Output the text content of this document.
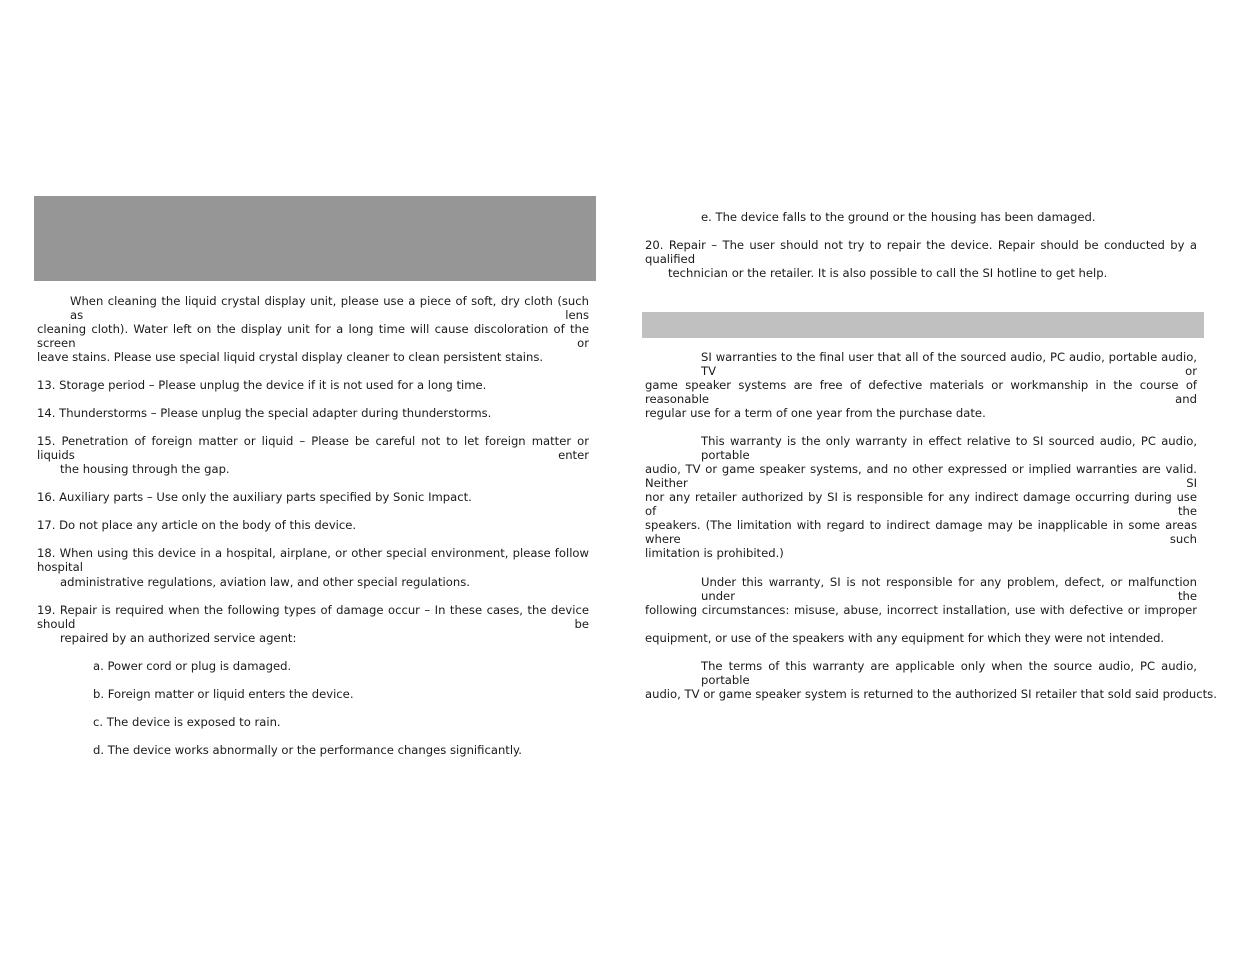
When cleaning the liquid crystal display unit, please use a piece of soft, dry cloth (such as lens
cleaning cloth). Water left on the display unit for a long time will cause discoloration of the screen or
leave stains. Please use special liquid crystal display cleaner to clean persistent stains.
13. Storage period – Please unplug the device if it is not used for a long time.
14. Thunderstorms – Please unplug the special adapter during thunderstorms.
15. Penetration of foreign matter or liquid – Please be careful not to let foreign matter or liquids enter
the housing through the gap.
16. Auxiliary parts – Use only the auxiliary parts specified by Sonic Impact.
17. Do not place any article on the body of this device.
18. When using this device in a hospital, airplane, or other special environment, please follow hospital
administrative regulations, aviation law, and other special regulations.
19. Repair is required when the following types of damage occur – In these cases, the device should be
repaired by an authorized service agent:
a. Power cord or plug is damaged.
b. Foreign matter or liquid enters the device.
c. The device is exposed to rain.
d. The device works abnormally or the performance changes significantly.
e. The device falls to the ground or the housing has been damaged.
20. Repair – The user should not try to repair the device. Repair should be conducted by a qualified
technician or the retailer. It is also possible to call the SI hotline to get help.
SI warranties to the final user that all of the sourced audio, PC audio, portable audio, TV or
game speaker systems are free of defective materials or workmanship in the course of reasonable and
regular use for a term of one year from the purchase date.
This warranty is the only warranty in effect relative to SI sourced audio, PC audio, portable
audio, TV or game speaker systems, and no other expressed or implied warranties are valid. Neither SI
nor any retailer authorized by SI is responsible for any indirect damage occurring during use of the
speakers. (The limitation with regard to indirect damage may be inapplicable in some areas where such
limitation is prohibited.)
Under this warranty, SI is not responsible for any problem, defect, or malfunction under the
following circumstances: misuse, abuse, incorrect installation, use with defective or improper
equipment, or use of the speakers with any equipment for which they were not intended.
The terms of this warranty are applicable only when the source audio, PC audio, portable
audio, TV or game speaker system is returned to the authorized SI retailer that sold said products.
